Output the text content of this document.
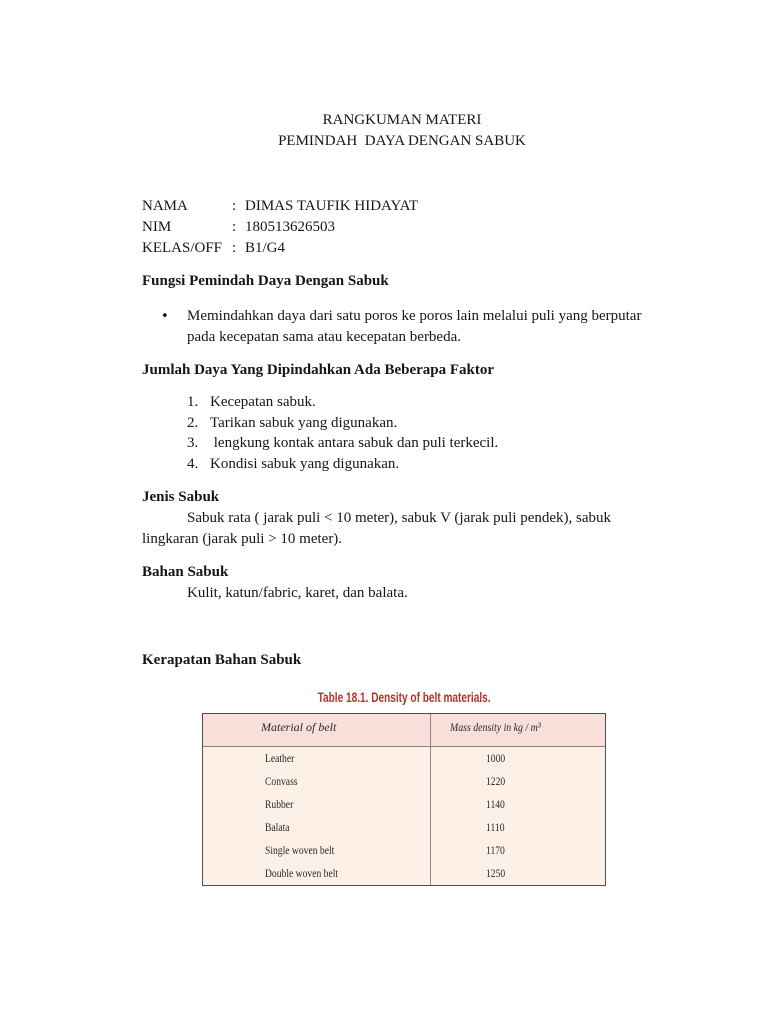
RANGKUMAN MATERI
PEMINDAH  DAYA DENGAN SABUK
NAMA	: DIMAS TAUFIK HIDAYAT
NIM	: 180513626503
KELAS/OFF : B1/G4
Fungsi Pemindah Daya Dengan Sabuk
• Memindahkan daya dari satu poros ke poros lain melalui puli yang berputar
pada kecepatan sama atau kecepatan berbeda.
Jumlah Daya Yang Dipindahkan Ada Beberapa Faktor
1. Kecepatan sabuk.
2. Tarikan sabuk yang digunakan.
3. lengkung kontak antara sabuk dan puli terkecil.
4. Kondisi sabuk yang digunakan.
Jenis Sabuk
Sabuk rata ( jarak puli < 10 meter), sabuk V (jarak puli pendek), sabuk
lingkaran (jarak puli > 10 meter).
Bahan Sabuk
Kulit, katun/fabric, karet, dan balata.
Kerapatan Bahan Sabuk
Table 18.1. Density of belt materials.
Material of belt	Mass density in kg / m³
Leather	1000
Convass	1220
Rubber	1140
Balata	1110
Single woven belt	1170
Double woven belt	1250
